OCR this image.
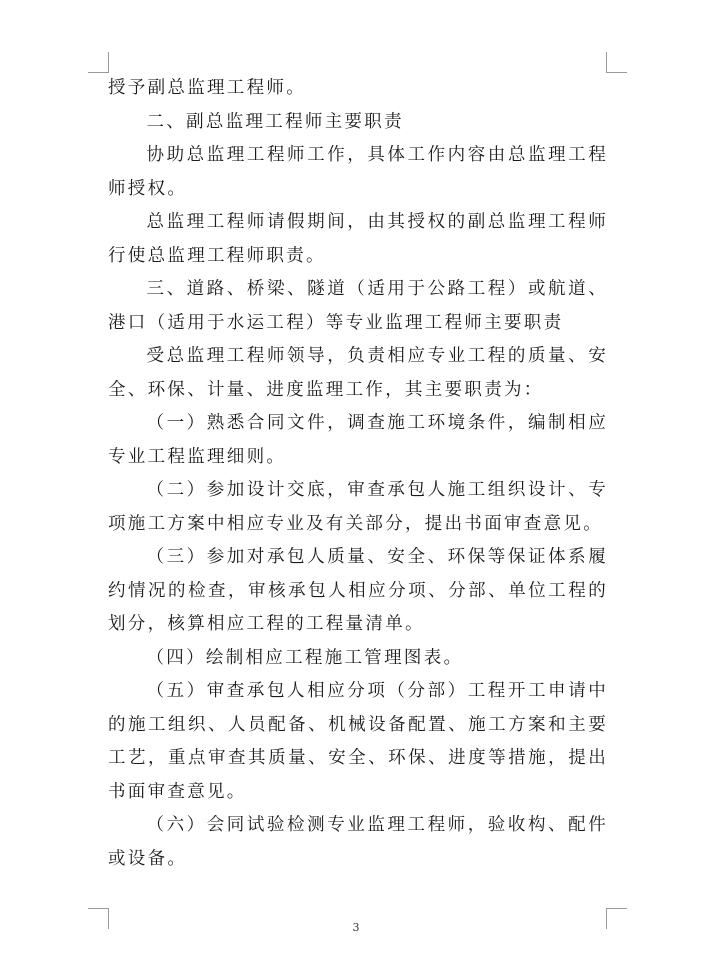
授予副总监理工程师。

二、副总监理工程师主要职责

协助总监理工程师工作，具体工作内容由总监理工程师授权。

总监理工程师请假期间，由其授权的副总监理工程师行使总监理工程师职责。

三、道路、桥梁、隧道（适用于公路工程）或航道、港口（适用于水运工程）等专业监理工程师主要职责

受总监理工程师领导，负责相应专业工程的质量、安全、环保、计量、进度监理工作，其主要职责为：

（一）熟悉合同文件，调查施工环境条件，编制相应专业工程监理细则。

（二）参加设计交底，审查承包人施工组织设计、专项施工方案中相应专业及有关部分，提出书面审查意见。

（三）参加对承包人质量、安全、环保等保证体系履约情况的检查，审核承包人相应分项、分部、单位工程的划分，核算相应工程的工程量清单。

（四）绘制相应工程施工管理图表。

（五）审查承包人相应分项（分部）工程开工申请中的施工组织、人员配备、机械设备配置、施工方案和主要工艺，重点审查其质量、安全、环保、进度等措施，提出书面审查意见。

（六）会同试验检测专业监理工程师，验收构、配件或设备。

3
